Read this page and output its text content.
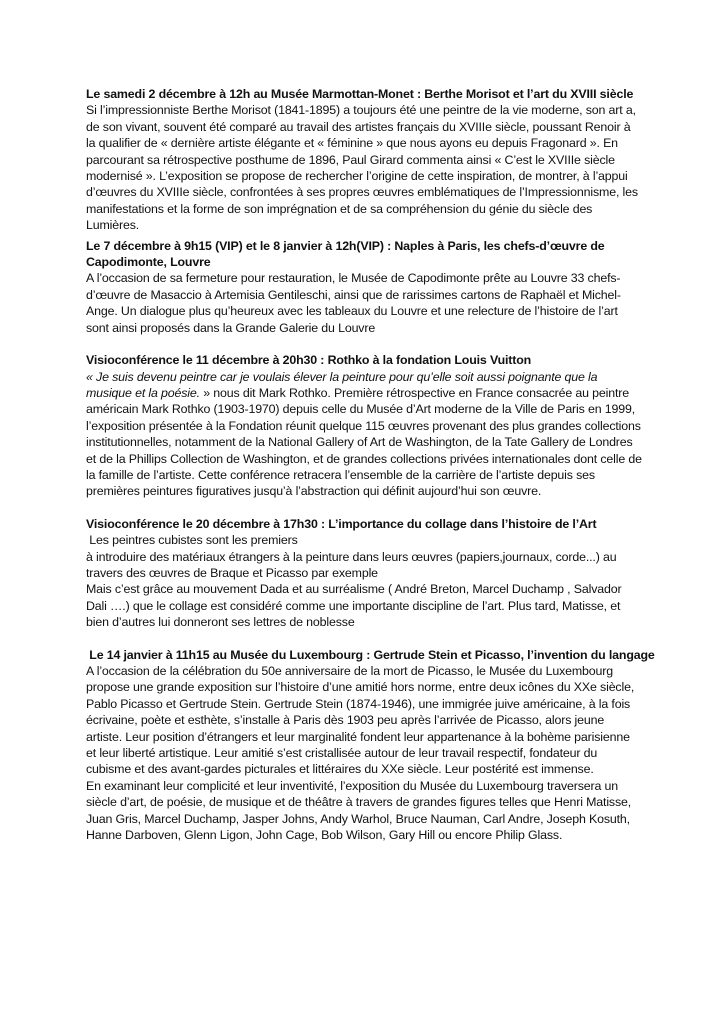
Le samedi 2 décembre à 12h au Musée Marmottan-Monet : Berthe Morisot et l’art du XVIII siècle

Si l’impressionniste Berthe Morisot (1841-1895) a toujours été une peintre de la vie moderne, son art a, de son vivant, souvent été comparé au travail des artistes français du XVIIIe siècle, poussant Renoir à la qualifier de « dernière artiste élégante et « féminine » que nous ayons eu depuis Fragonard ». En parcourant sa rétrospective posthume de 1896, Paul Girard commenta ainsi « C’est le XVIIIe siècle modernisé ». L’exposition se propose de rechercher l’origine de cette inspiration, de montrer, à l’appui d’œuvres du XVIIIe siècle, confrontées à ses propres œuvres emblématiques de l’Impressionnisme, les manifestations et la forme de son imprégnation et de sa compréhension du génie du siècle des Lumières.

Le 7 décembre à 9h15 (VIP) et le 8 janvier à 12h(VIP) : Naples à Paris, les chefs-d’œuvre de Capodimonte, Louvre

A l’occasion de sa fermeture pour restauration, le Musée de Capodimonte prête au Louvre 33 chefs-d’œuvre de Masaccio à Artemisia Gentileschi, ainsi que de rarissimes cartons de Raphaël et Michel-Ange. Un dialogue plus qu’heureux avec les tableaux du Louvre et une relecture de l’histoire de l’art sont ainsi proposés dans la Grande Galerie du Louvre

Visioconférence le 11 décembre à 20h30 : Rothko à la fondation Louis Vuitton

« Je suis devenu peintre car je voulais élever la peinture pour qu’elle soit aussi poignante que la musique et la poésie. » nous dit Mark Rothko. Première rétrospective en France consacrée au peintre américain Mark Rothko (1903-1970) depuis celle du Musée d’Art moderne de la Ville de Paris en 1999, l’exposition présentée à la Fondation réunit quelque 115 œuvres provenant des plus grandes collections institutionnelles, notamment de la National Gallery of Art de Washington, de la Tate Gallery de Londres et de la Phillips Collection de Washington, et de grandes collections privées internationales dont celle de la famille de l’artiste. Cette conférence retracera l’ensemble de la carrière de l’artiste depuis ses premières peintures figuratives jusqu’à l’abstraction qui définit aujourd’hui son œuvre.

Visioconférence le 20 décembre à 17h30 : L’importance du collage dans l’histoire de l’Art

Les peintres cubistes sont les premiers

à introduire des matériaux étrangers à la peinture dans leurs œuvres (papiers,journaux, corde...) au travers des œuvres de Braque et Picasso par exemple

Mais c’est grâce au mouvement Dada et au surréalisme ( André Breton, Marcel Duchamp , Salvador Dali ….) que le collage est considéré comme une importante discipline de l’art. Plus tard, Matisse, et bien d’autres lui donneront ses lettres de noblesse

Le 14 janvier à 11h15 au Musée du Luxembourg : Gertrude Stein et Picasso, l’invention du langage

A l’occasion de la célébration du 50e anniversaire de la mort de Picasso, le Musée du Luxembourg propose une grande exposition sur l’histoire d’une amitié hors norme, entre deux icônes du XXe siècle, Pablo Picasso et Gertrude Stein. Gertrude Stein (1874-1946), une immigrée juive américaine, à la fois écrivaine, poète et esthète, s’installe à Paris dès 1903 peu après l’arrivée de Picasso, alors jeune artiste. Leur position d’étrangers et leur marginalité fondent leur appartenance à la bohème parisienne et leur liberté artistique. Leur amitié s’est cristallisée autour de leur travail respectif, fondateur du cubisme et des avant-gardes picturales et littéraires du XXe siècle. Leur postérité est immense.

En examinant leur complicité et leur inventivité, l’exposition du Musée du Luxembourg traversera un siècle d’art, de poésie, de musique et de théâtre à travers de grandes figures telles que Henri Matisse, Juan Gris, Marcel Duchamp, Jasper Johns, Andy Warhol, Bruce Nauman, Carl Andre, Joseph Kosuth, Hanne Darboven, Glenn Ligon, John Cage, Bob Wilson, Gary Hill ou encore Philip Glass.
